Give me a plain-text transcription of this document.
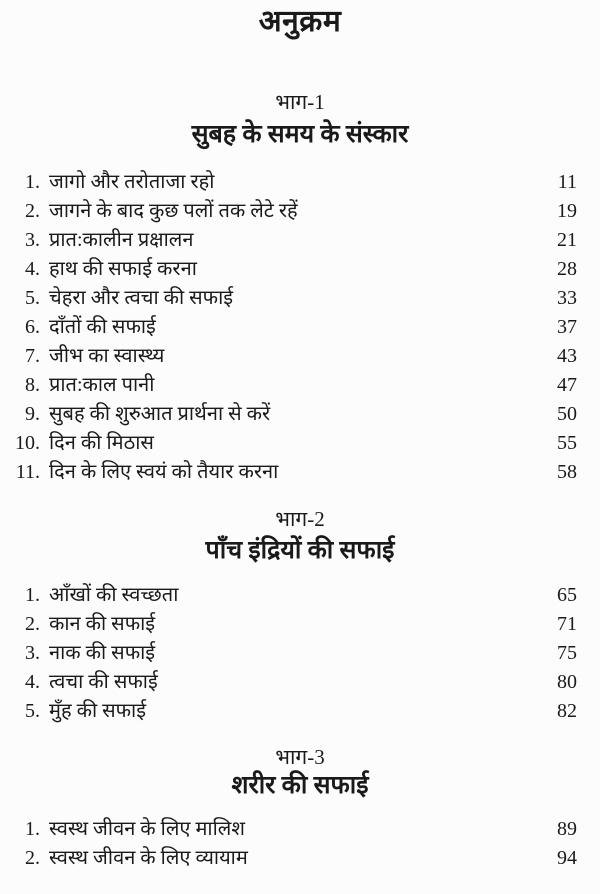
अनुक्रम
भाग-1
सुबह के समय के संस्कार
1. जागो और तरोताजा रहो	11
2. जागने के बाद कुछ पलों तक लेटे रहें	19
3. प्रात:कालीन प्रक्षालन	21
4. हाथ की सफाई करना	28
5. चेहरा और त्वचा की सफाई	33
6. दाँतों की सफाई	37
7. जीभ का स्वास्थ्य	43
8. प्रात:काल पानी	47
9. सुबह की शुरुआत प्रार्थना से करें	50
10. दिन की मिठास	55
11. दिन के लिए स्वयं को तैयार करना	58
भाग-2
पाँच इंद्रियों की सफाई
1. आँखों की स्वच्छता	65
2. कान की सफाई	71
3. नाक की सफाई	75
4. त्वचा की सफाई	80
5. मुँह की सफाई	82
भाग-3
शरीर की सफाई
1. स्वस्थ जीवन के लिए मालिश	89
2. स्वस्थ जीवन के लिए व्यायाम	94
